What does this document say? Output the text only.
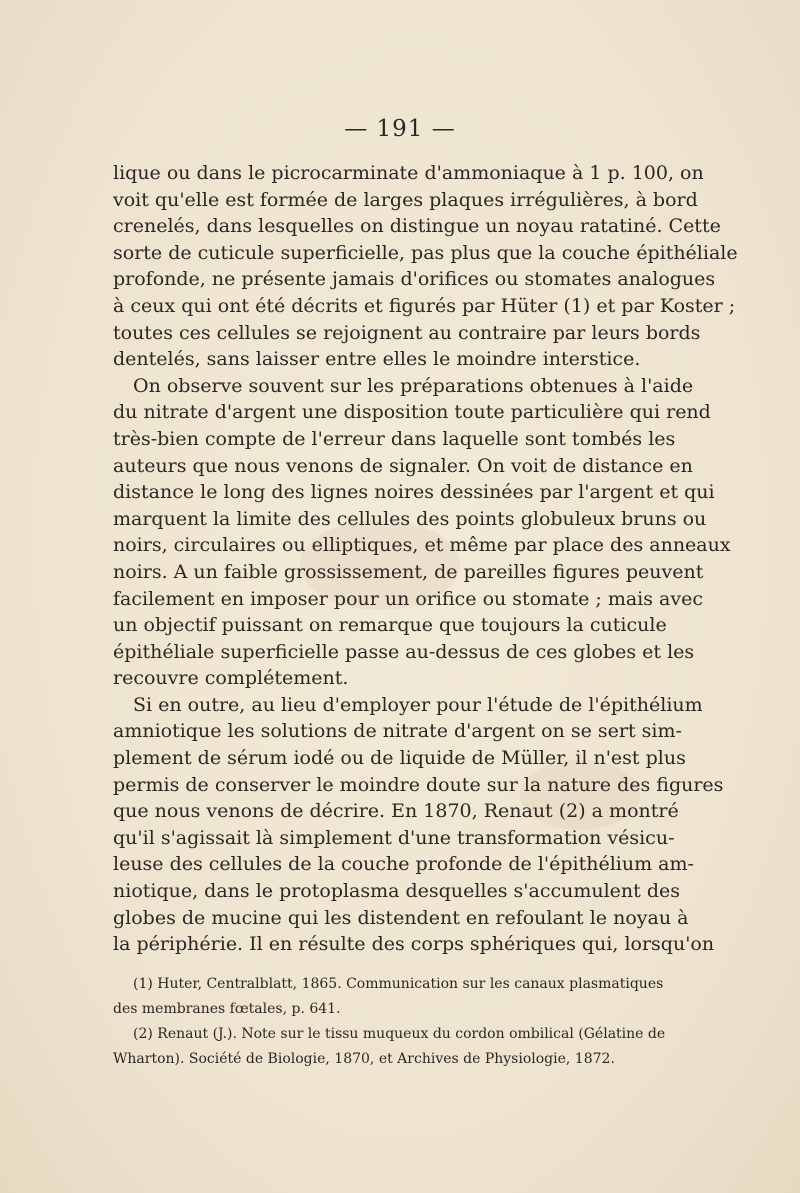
— 191 —
lique ou dans le picrocarminate d'ammoniaque à 1 p. 100, on
voit qu'elle est formée de larges plaques irrégulières, à bord
crenelés, dans lesquelles on distingue un noyau ratatiné. Cette
sorte de cuticule superficielle, pas plus que la couche épithéliale
profonde, ne présente jamais d'orifices ou stomates analogues
à ceux qui ont été décrits et figurés par Hüter (1) et par Koster ;
toutes ces cellules se rejoignent au contraire par leurs bords
dentelés, sans laisser entre elles le moindre interstice.
On observe souvent sur les préparations obtenues à l'aide
du nitrate d'argent une disposition toute particulière qui rend
très-bien compte de l'erreur dans laquelle sont tombés les
auteurs que nous venons de signaler. On voit de distance en
distance le long des lignes noires dessinées par l'argent et qui
marquent la limite des cellules des points globuleux bruns ou
noirs, circulaires ou elliptiques, et même par place des anneaux
noirs. A un faible grossissement, de pareilles figures peuvent
facilement en imposer pour un orifice ou stomate ; mais avec
un objectif puissant on remarque que toujours la cuticule
épithéliale superficielle passe au-dessus de ces globes et les
recouvre complétement.
Si en outre, au lieu d'employer pour l'étude de l'épithélium
amniotique les solutions de nitrate d'argent on se sert sim-
plement de sérum iodé ou de liquide de Müller, il n'est plus
permis de conserver le moindre doute sur la nature des figures
que nous venons de décrire. En 1870, Renaut (2) a montré
qu'il s'agissait là simplement d'une transformation vésicu-
leuse des cellules de la couche profonde de l'épithélium am-
niotique, dans le protoplasma desquelles s'accumulent des
globes de mucine qui les distendent en refoulant le noyau à
la périphérie. Il en résulte des corps sphériques qui, lorsqu'on
(1) Huter, Centralblatt, 1865. Communication sur les canaux plasmatiques
des membranes fœtales, p. 641.
(2) Renaut (J.). Note sur le tissu muqueux du cordon ombilical (Gélatine de
Wharton). Société de Biologie, 1870, et Archives de Physiologie, 1872.
